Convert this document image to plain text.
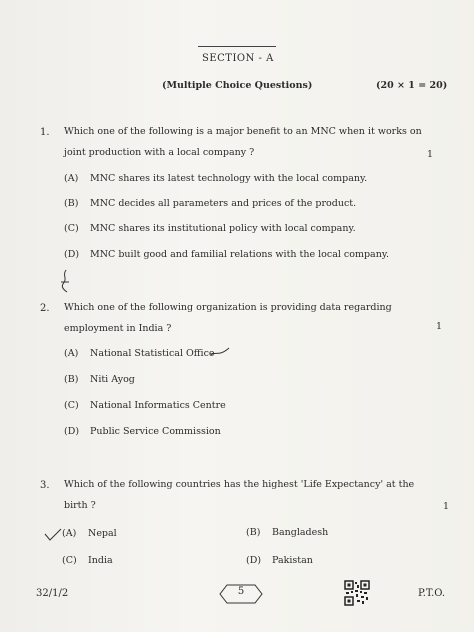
SECTION - A
(Multiple Choice Questions)	(20 × 1 = 20)
1. Which one of the following is a major benefit to an MNC when it works on joint production with a local company ?	1
(A) MNC shares its latest technology with the local company.
(B) MNC decides all parameters and prices of the product.
(C) MNC shares its institutional policy with local company.
(D) MNC built good and familial relations with the local company.
2. Which one of the following organization is providing data regarding employment in India ?	1
(A) National Statistical Office
(B) Niti Ayog
(C) National Informatics Centre
(D) Public Service Commission
3. Which of the following countries has the highest 'Life Expectancy' at the birth ?	1
(A) Nepal	(B) Bangladesh
(C) India	(D) Pakistan
32/1/2	5	P.T.O.
